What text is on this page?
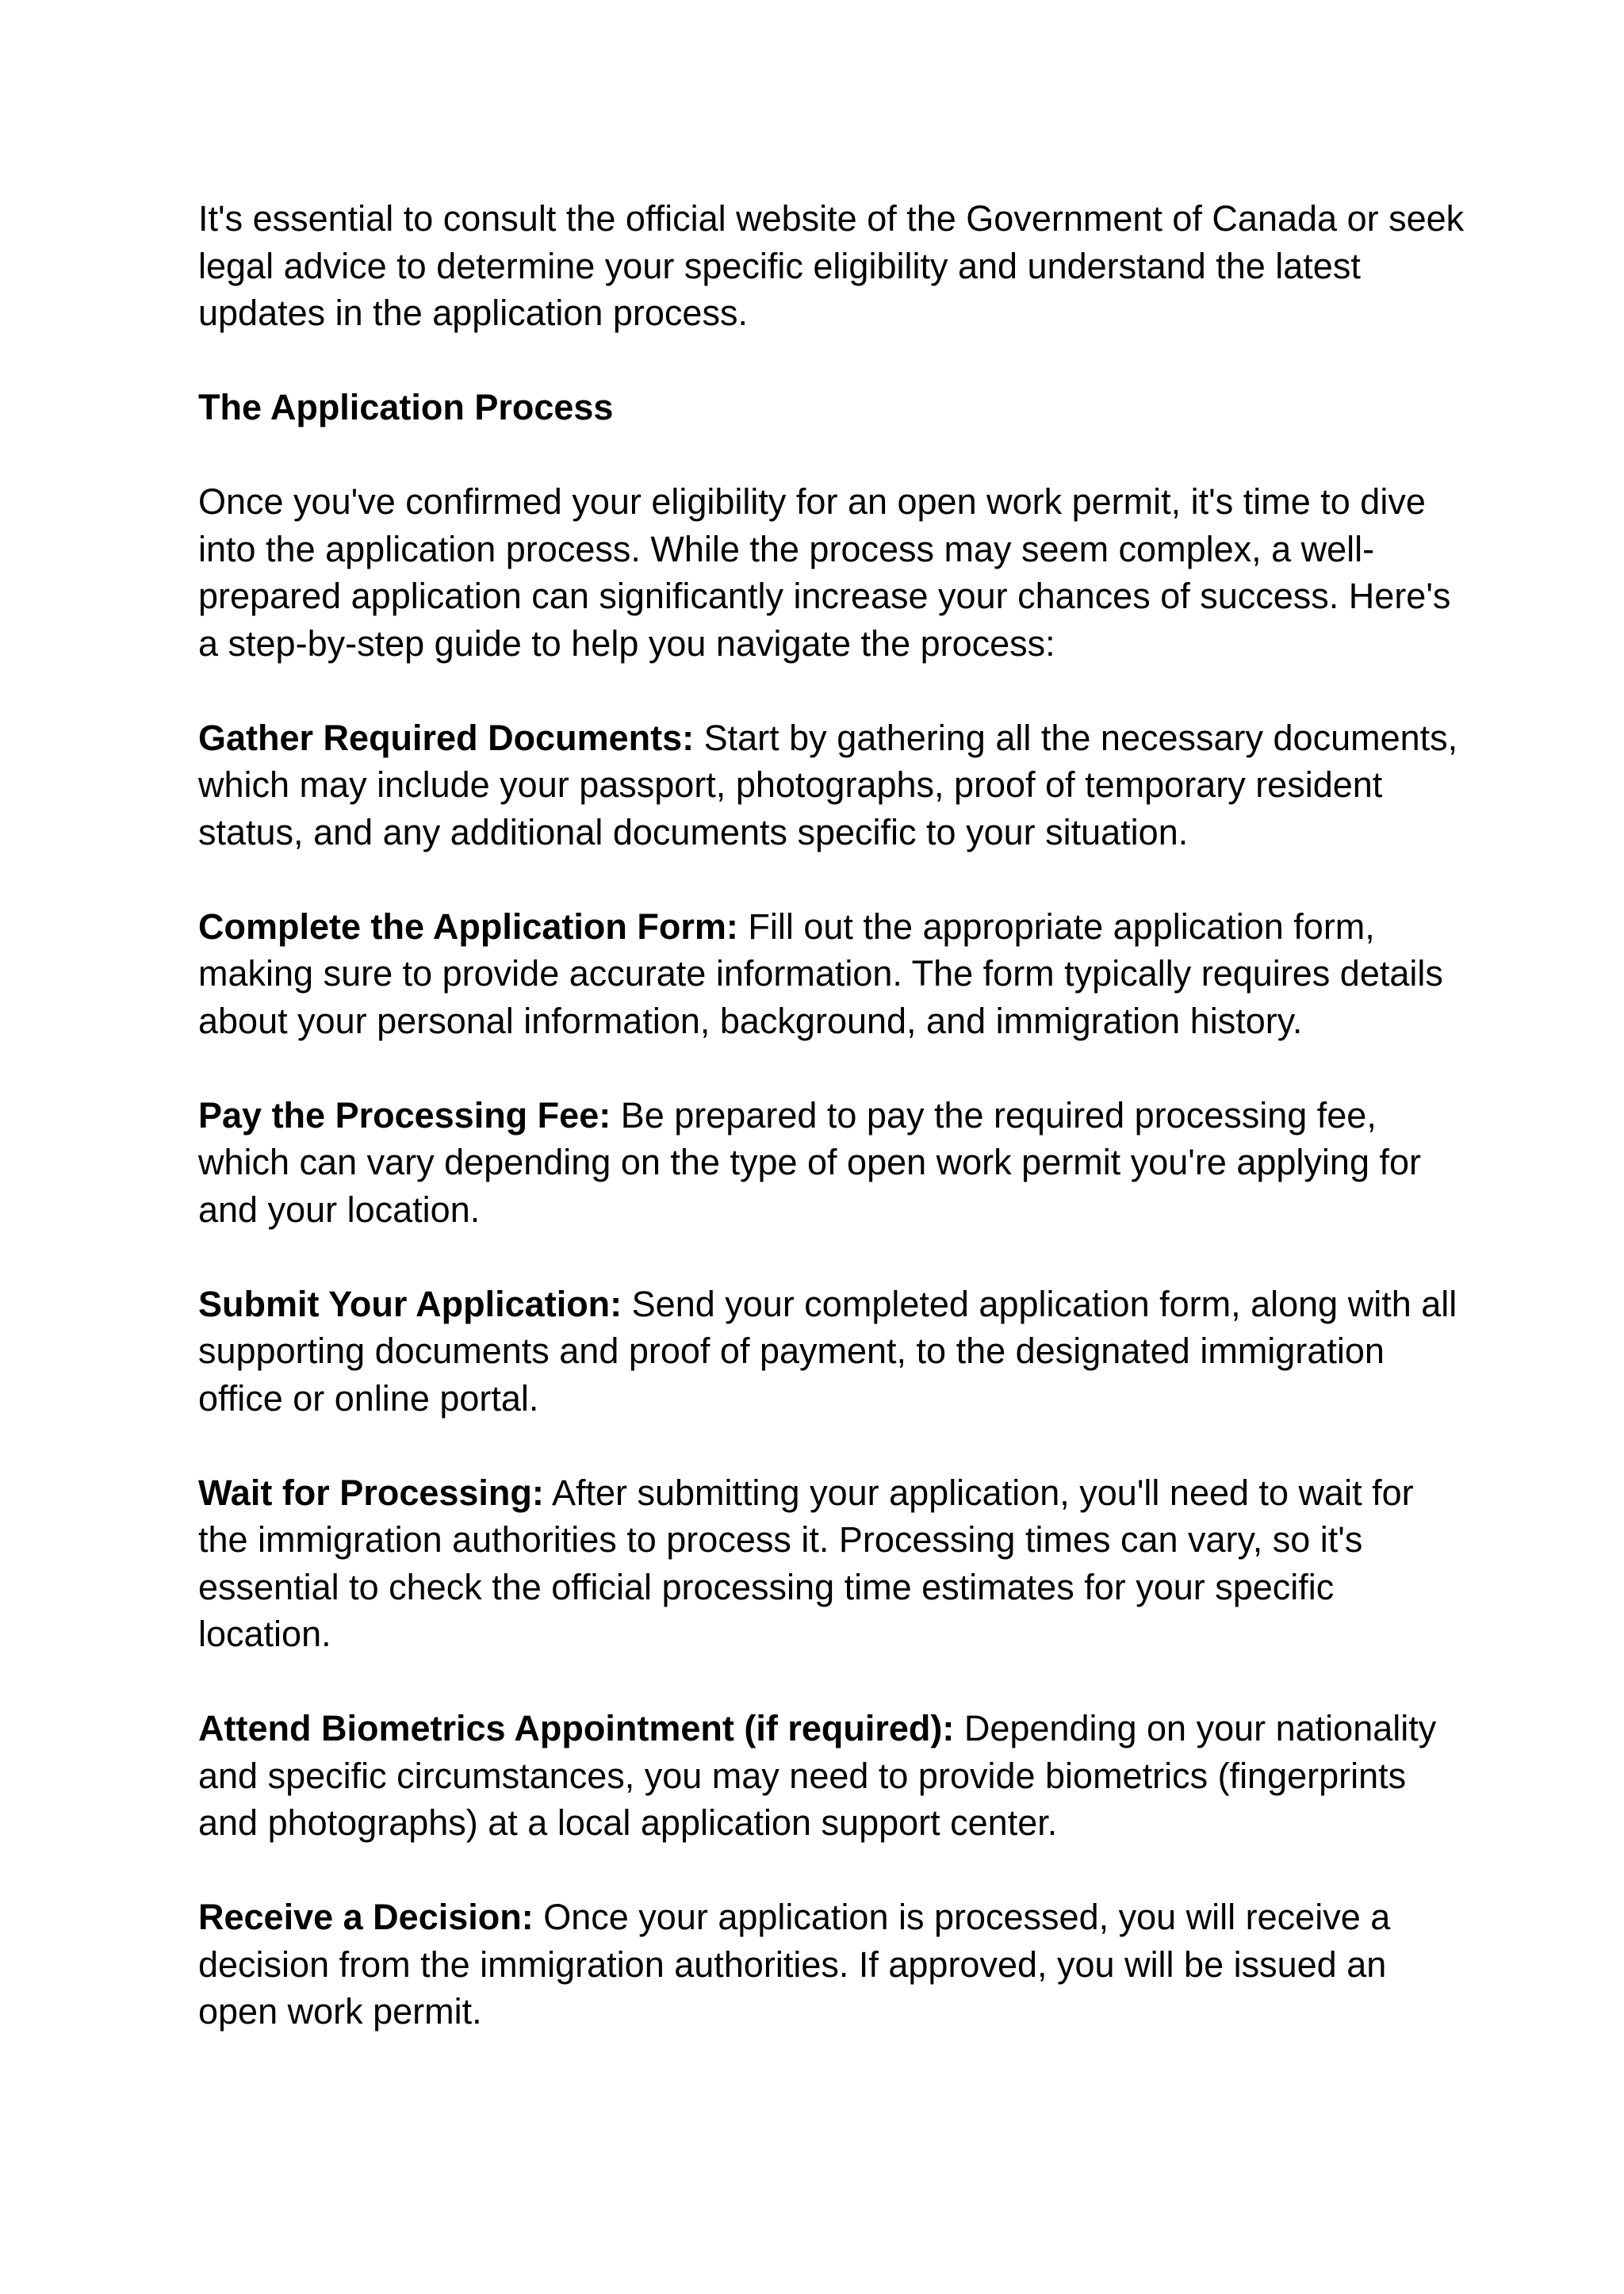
It's essential to consult the official website of the Government of Canada or seek legal advice to determine your specific eligibility and understand the latest updates in the application process.

The Application Process

Once you've confirmed your eligibility for an open work permit, it's time to dive into the application process. While the process may seem complex, a well-prepared application can significantly increase your chances of success. Here's a step-by-step guide to help you navigate the process:

Gather Required Documents: Start by gathering all the necessary documents, which may include your passport, photographs, proof of temporary resident status, and any additional documents specific to your situation.

Complete the Application Form: Fill out the appropriate application form, making sure to provide accurate information. The form typically requires details about your personal information, background, and immigration history.

Pay the Processing Fee: Be prepared to pay the required processing fee, which can vary depending on the type of open work permit you're applying for and your location.

Submit Your Application: Send your completed application form, along with all supporting documents and proof of payment, to the designated immigration office or online portal.

Wait for Processing: After submitting your application, you'll need to wait for the immigration authorities to process it. Processing times can vary, so it's essential to check the official processing time estimates for your specific location.

Attend Biometrics Appointment (if required): Depending on your nationality and specific circumstances, you may need to provide biometrics (fingerprints and photographs) at a local application support center.

Receive a Decision: Once your application is processed, you will receive a decision from the immigration authorities. If approved, you will be issued an open work permit.
